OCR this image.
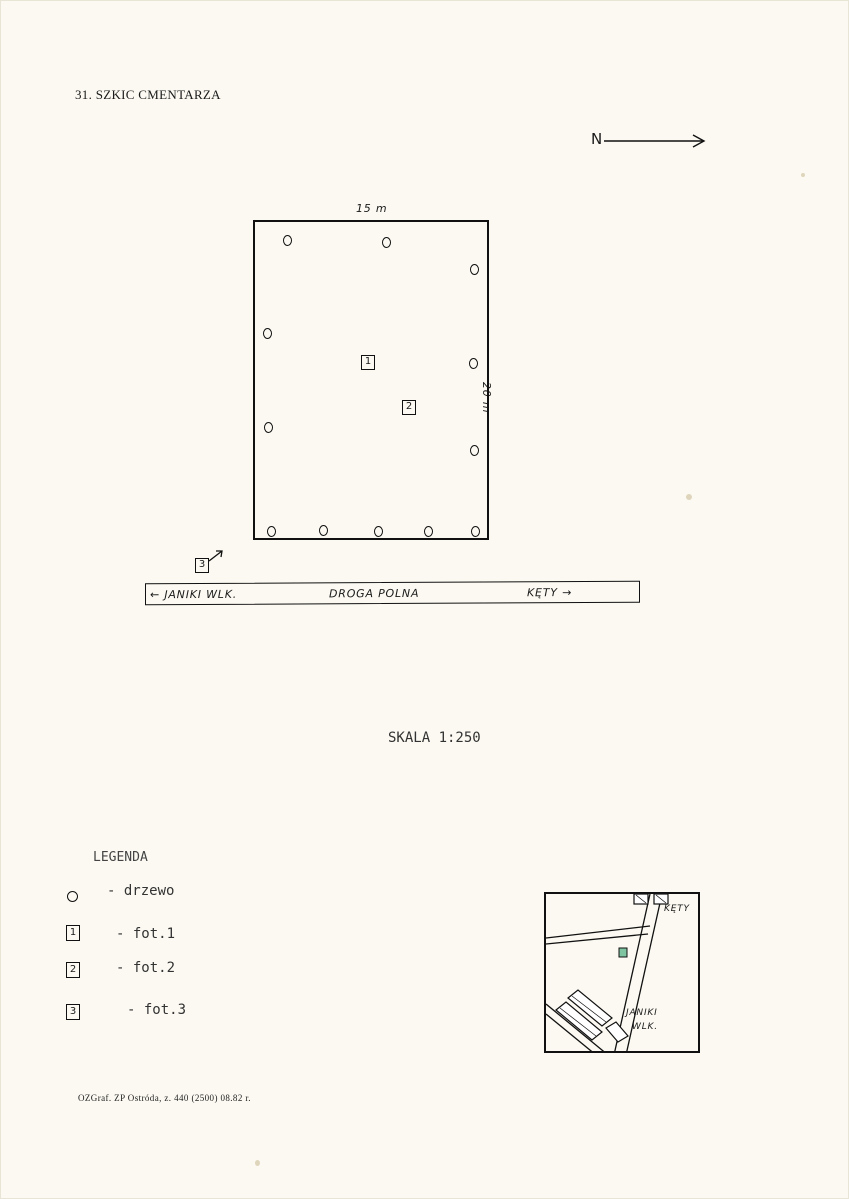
31. SZKIC CMENTARZA
N
15 m
20 m
1
2
3
← JANIKI WLK.	DROGA POLNA	KĘTY →
SKALA 1:250
LEGENDA
- drzewo
1	- fot.1
2	- fot.2
3	- fot.3
KĘTY
JANIKI
WLK.
OZGraf. ZP Ostróda, z. 440 (2500) 08.82 r.
